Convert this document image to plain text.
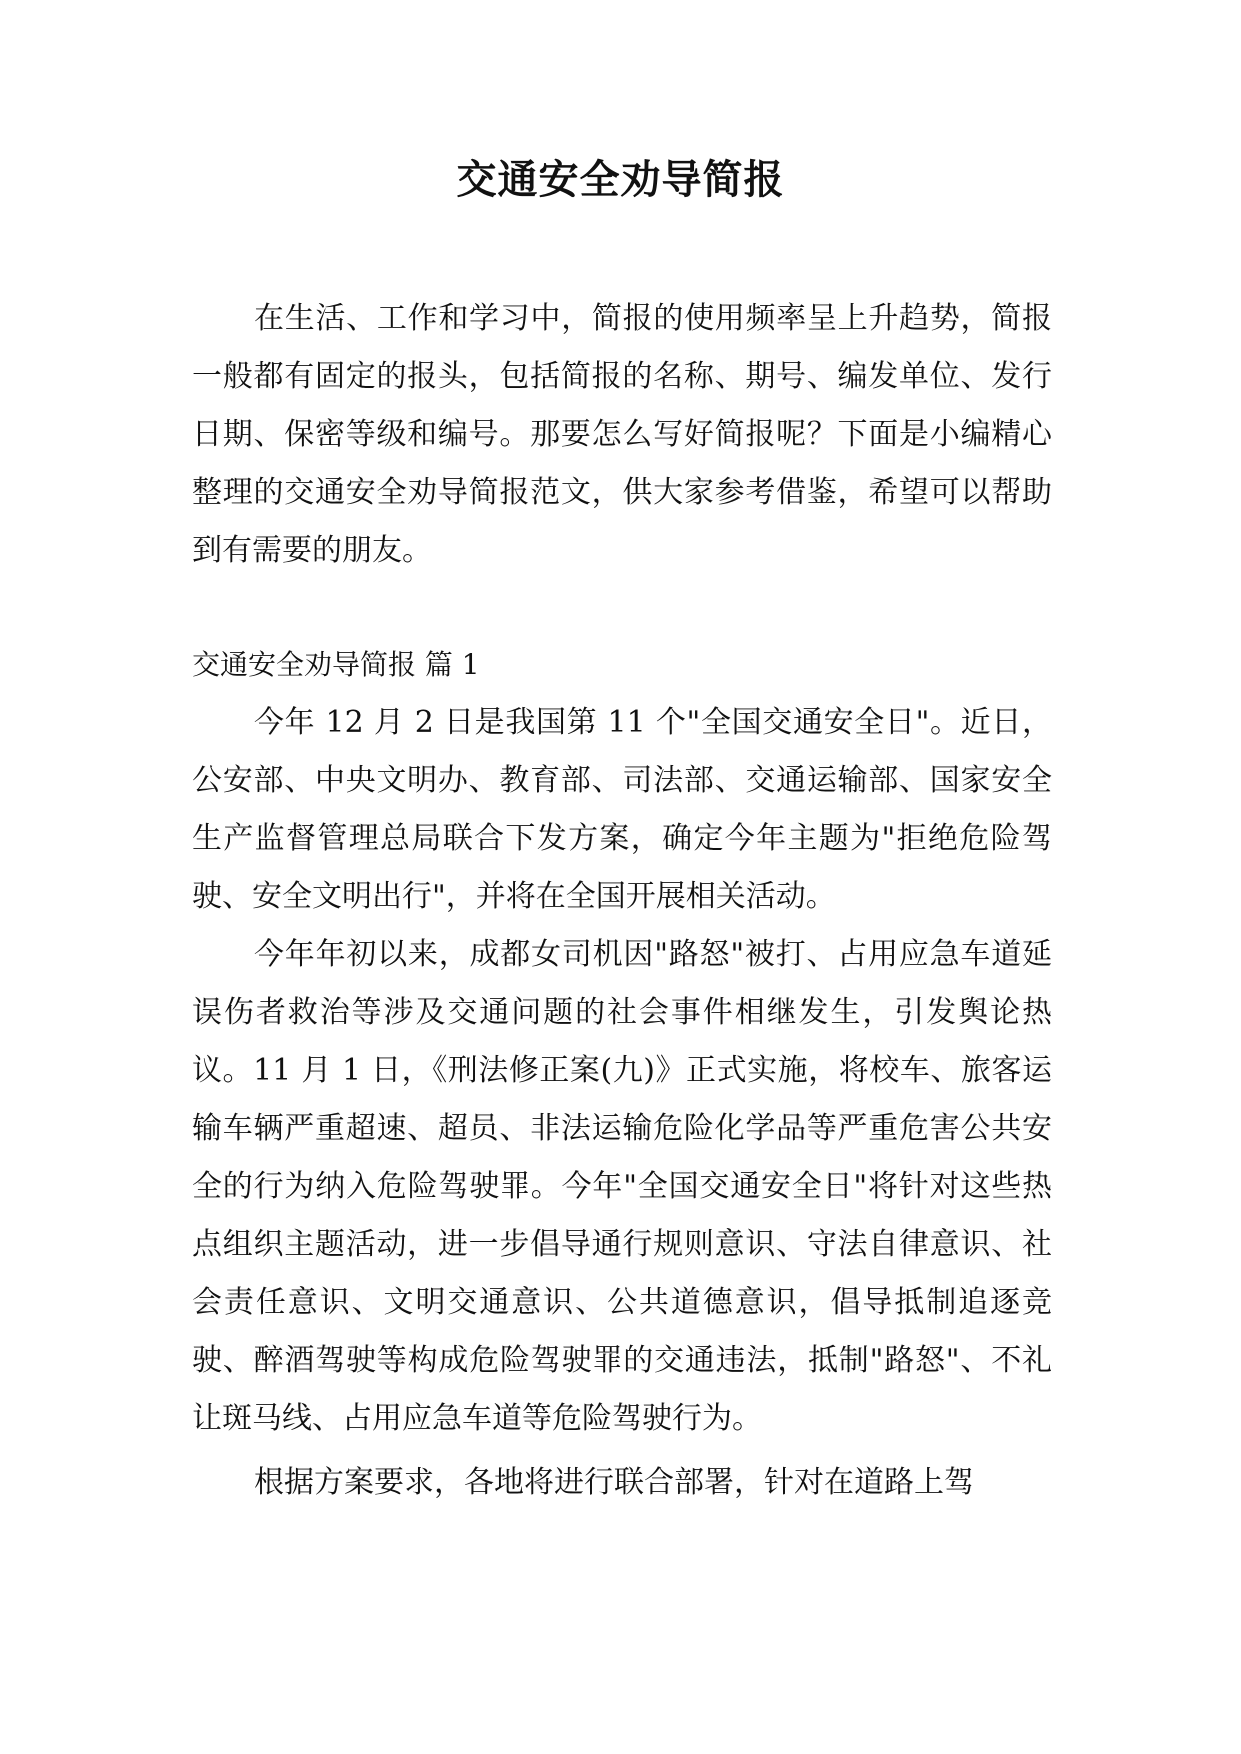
交通安全劝导简报

在生活、工作和学习中，简报的使用频率呈上升趋势，简报一般都有固定的报头，包括简报的名称、期号、编发单位、发行日期、保密等级和编号。那要怎么写好简报呢？下面是小编精心整理的交通安全劝导简报范文，供大家参考借鉴，希望可以帮助到有需要的朋友。

交通安全劝导简报 篇 1

今年 12 月 2 日是我国第 11 个"全国交通安全日"。近日，公安部、中央文明办、教育部、司法部、交通运输部、国家安全生产监督管理总局联合下发方案，确定今年主题为"拒绝危险驾驶、安全文明出行"，并将在全国开展相关活动。

今年年初以来，成都女司机因"路怒"被打、占用应急车道延误伤者救治等涉及交通问题的社会事件相继发生，引发舆论热议。11 月 1 日，《刑法修正案(九)》正式实施，将校车、旅客运输车辆严重超速、超员、非法运输危险化学品等严重危害公共安全的行为纳入危险驾驶罪。今年"全国交通安全日"将针对这些热点组织主题活动，进一步倡导通行规则意识、守法自律意识、社会责任意识、文明交通意识、公共道德意识，倡导抵制追逐竞驶、醉酒驾驶等构成危险驾驶罪的交通违法，抵制"路怒"、不礼让斑马线、占用应急车道等危险驾驶行为。

根据方案要求，各地将进行联合部署，针对在道路上驾
